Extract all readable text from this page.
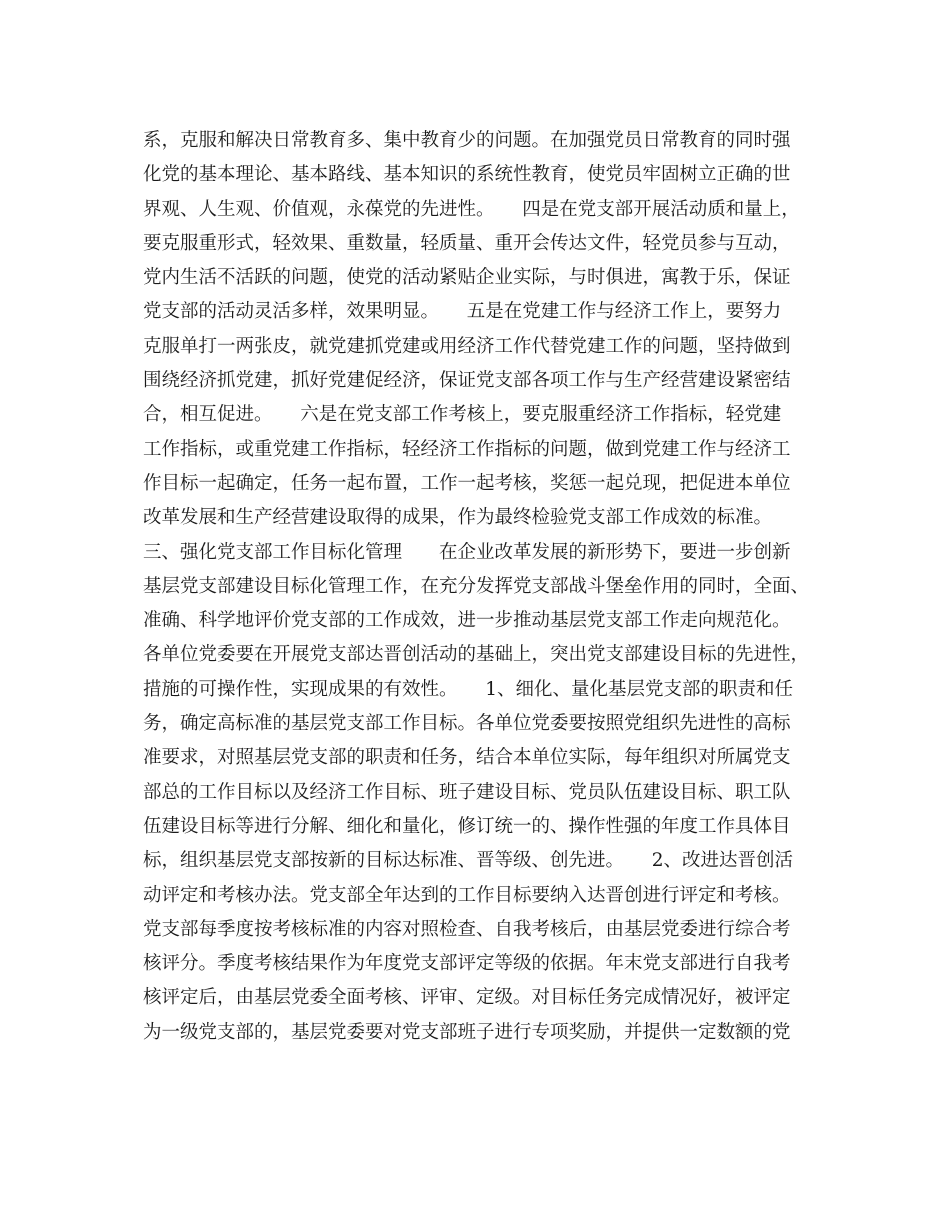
系，克服和解决日常教育多、集中教育少的问题。在加强党员日常教育的同时强
化党的基本理论、基本路线、基本知识的系统性教育，使党员牢固树立正确的世
界观、人生观、价值观，永葆党的先进性。　　四是在党支部开展活动质和量上，
要克服重形式，轻效果、重数量，轻质量、重开会传达文件，轻党员参与互动，
党内生活不活跃的问题，使党的活动紧贴企业实际，与时俱进，寓教于乐，保证
党支部的活动灵活多样，效果明显。　　五是在党建工作与经济工作上，要努力
克服单打一两张皮，就党建抓党建或用经济工作代替党建工作的问题，坚持做到
围绕经济抓党建，抓好党建促经济，保证党支部各项工作与生产经营建设紧密结
合，相互促进。　　六是在党支部工作考核上，要克服重经济工作指标，轻党建
工作指标，或重党建工作指标，轻经济工作指标的问题，做到党建工作与经济工
作目标一起确定，任务一起布置，工作一起考核，奖惩一起兑现，把促进本单位
改革发展和生产经营建设取得的成果，作为最终检验党支部工作成效的标准。
三、强化党支部工作目标化管理　　在企业改革发展的新形势下，要进一步创新
基层党支部建设目标化管理工作，在充分发挥党支部战斗堡垒作用的同时，全面、
准确、科学地评价党支部的工作成效，进一步推动基层党支部工作走向规范化。
各单位党委要在开展党支部达晋创活动的基础上，突出党支部建设目标的先进性，
措施的可操作性，实现成果的有效性。　　1、细化、量化基层党支部的职责和任
务，确定高标准的基层党支部工作目标。各单位党委要按照党组织先进性的高标
准要求，对照基层党支部的职责和任务，结合本单位实际，每年组织对所属党支
部总的工作目标以及经济工作目标、班子建设目标、党员队伍建设目标、职工队
伍建设目标等进行分解、细化和量化，修订统一的、操作性强的年度工作具体目
标，组织基层党支部按新的目标达标准、晋等级、创先进。　　2、改进达晋创活
动评定和考核办法。党支部全年达到的工作目标要纳入达晋创进行评定和考核。
党支部每季度按考核标准的内容对照检查、自我考核后，由基层党委进行综合考
核评分。季度考核结果作为年度党支部评定等级的依据。年末党支部进行自我考
核评定后，由基层党委全面考核、评审、定级。对目标任务完成情况好，被评定
为一级党支部的，基层党委要对党支部班子进行专项奖励，并提供一定数额的党
